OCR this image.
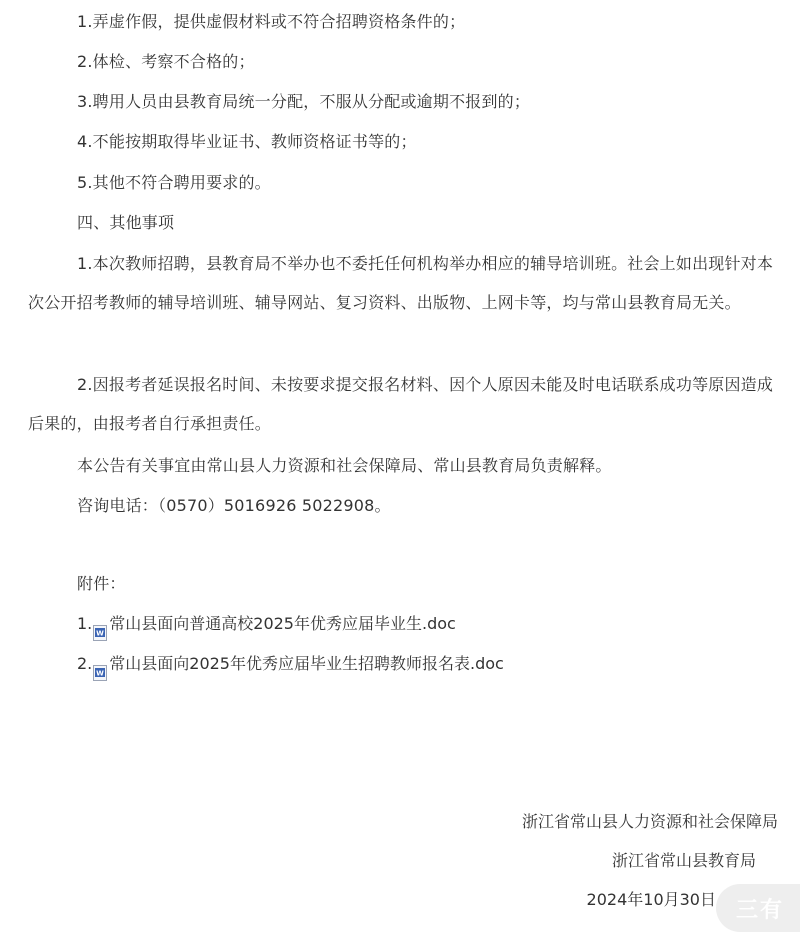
1.弄虚作假，提供虚假材料或不符合招聘资格条件的；

2.体检、考察不合格的；

3.聘用人员由县教育局统一分配，不服从分配或逾期不报到的；

4.不能按期取得毕业证书、教师资格证书等的；

5.其他不符合聘用要求的。

四、其他事项

1.本次教师招聘，县教育局不举办也不委托任何机构举办相应的辅导培训班。社会上如出现针对本次公开招考教师的辅导培训班、辅导网站、复习资料、出版物、上网卡等，均与常山县教育局无关。

2.因报考者延误报名时间、未按要求提交报名材料、因个人原因未能及时电话联系成功等原因造成后果的，由报考者自行承担责任。

本公告有关事宜由常山县人力资源和社会保障局、常山县教育局负责解释。

咨询电话：（0570）5016926 5022908。

附件：

1.
W
常山县面向普通高校2025年优秀应届毕业生.doc
2.
W
常山县面向2025年优秀应届毕业生招聘教师报名表.doc
浙江省常山县人力资源和社会保障局
浙江省常山县教育局
2024年10月30日 三有
